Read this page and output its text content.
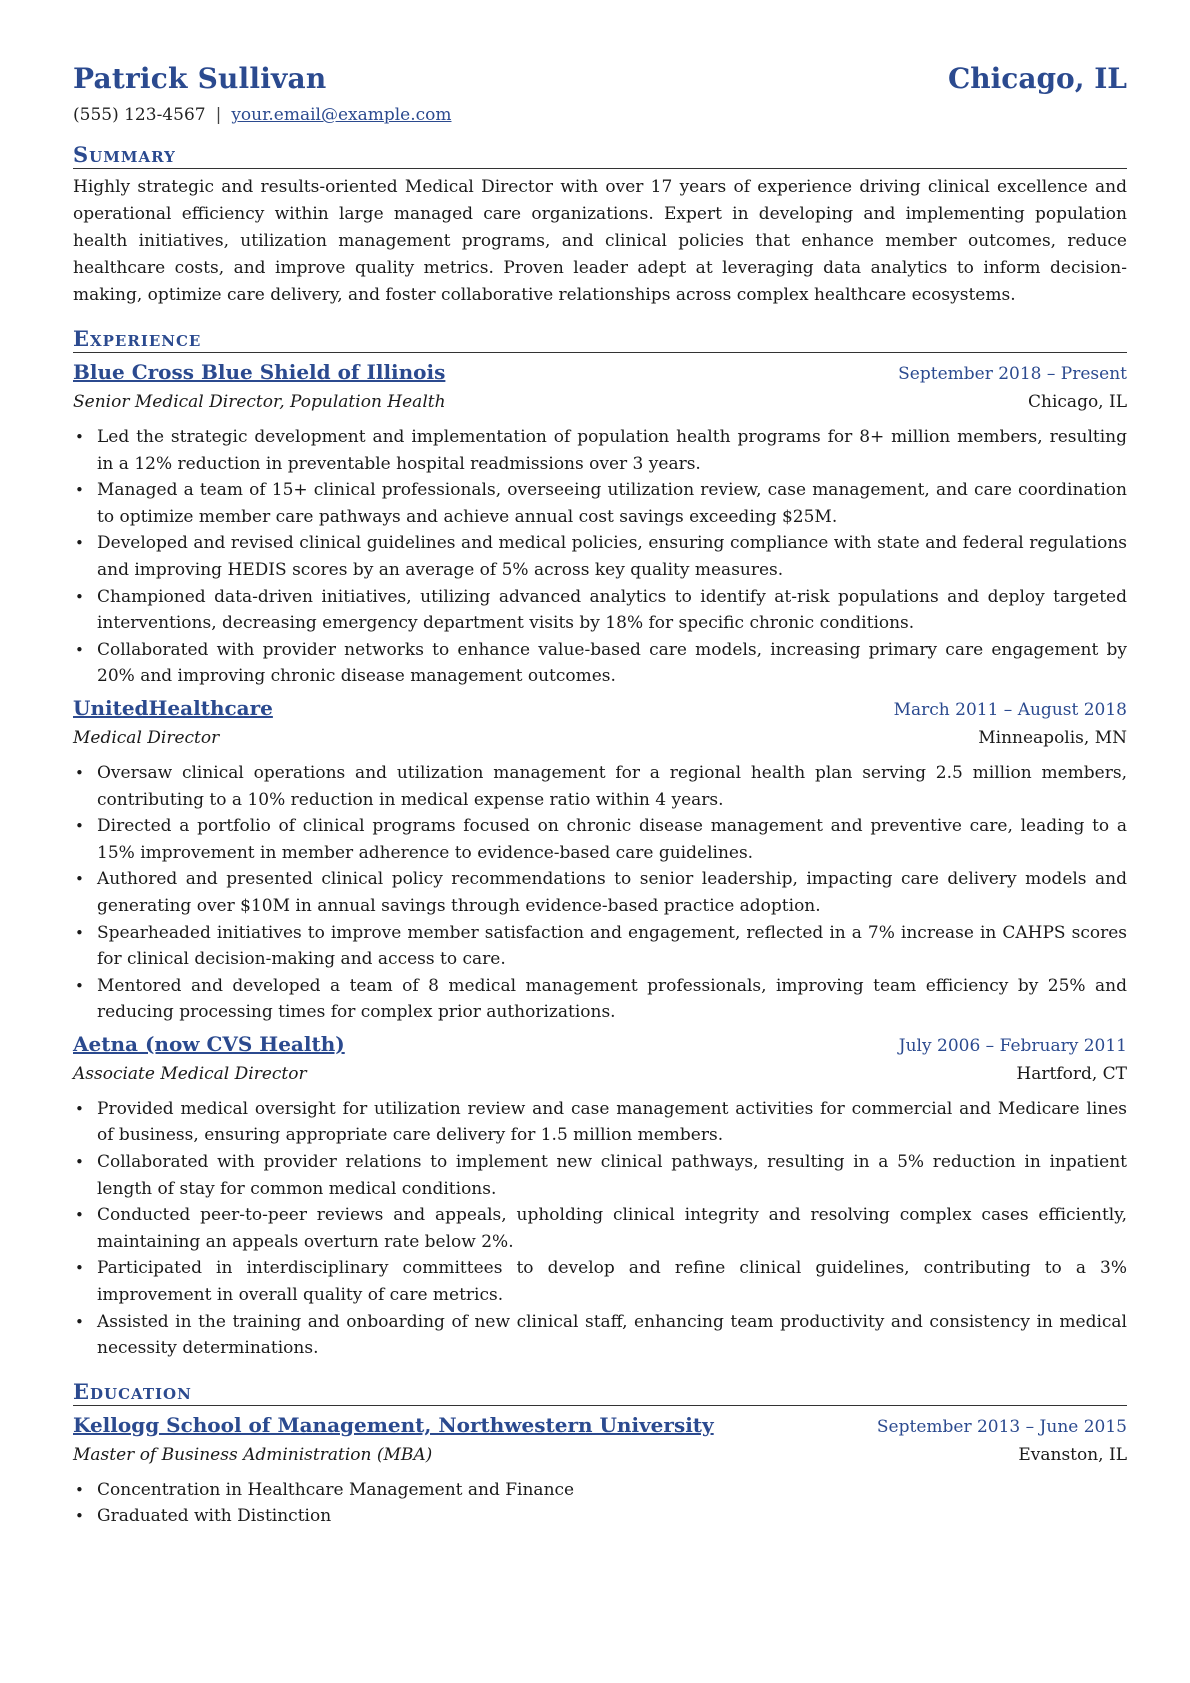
Patrick Sullivan	Chicago, IL
(555) 123-4567 | your.email@example.com
Summary

Highly strategic and results-oriented Medical Director with over 17 years of experience driving clinical excellence and operational efficiency within large managed care organizations. Expert in developing and implementing population health initiatives, utilization management programs, and clinical policies that enhance member outcomes, reduce healthcare costs, and improve quality metrics. Proven leader adept at leveraging data analytics to inform decision-making, optimize care delivery, and foster collaborative relationships across complex healthcare ecosystems.

Experience
Blue Cross Blue Shield of Illinois	September 2018 – Present
Senior Medical Director, Population Health	Chicago, IL
• Led the strategic development and implementation of population health programs for 8+ million members, resulting in a 12% reduction in preventable hospital readmissions over 3 years.
• Managed a team of 15+ clinical professionals, overseeing utilization review, case management, and care coordination to optimize member care pathways and achieve annual cost savings exceeding $25M.
• Developed and revised clinical guidelines and medical policies, ensuring compliance with state and federal regulations and improving HEDIS scores by an average of 5% across key quality measures.
• Championed data-driven initiatives, utilizing advanced analytics to identify at-risk populations and deploy targeted interventions, decreasing emergency department visits by 18% for specific chronic conditions.
• Collaborated with provider networks to enhance value-based care models, increasing primary care engagement by 20% and improving chronic disease management outcomes.
UnitedHealthcare	March 2011 – August 2018
Medical Director	Minneapolis, MN
• Oversaw clinical operations and utilization management for a regional health plan serving 2.5 million members, contributing to a 10% reduction in medical expense ratio within 4 years.
• Directed a portfolio of clinical programs focused on chronic disease management and preventive care, leading to a 15% improvement in member adherence to evidence-based care guidelines.
• Authored and presented clinical policy recommendations to senior leadership, impacting care delivery models and generating over $10M in annual savings through evidence-based practice adoption.
• Spearheaded initiatives to improve member satisfaction and engagement, reflected in a 7% increase in CAHPS scores for clinical decision-making and access to care.
• Mentored and developed a team of 8 medical management professionals, improving team efficiency by 25% and reducing processing times for complex prior authorizations.
Aetna (now CVS Health)	July 2006 – February 2011
Associate Medical Director	Hartford, CT
• Provided medical oversight for utilization review and case management activities for commercial and Medicare lines of business, ensuring appropriate care delivery for 1.5 million members.
• Collaborated with provider relations to implement new clinical pathways, resulting in a 5% reduction in inpatient length of stay for common medical conditions.
• Conducted peer-to-peer reviews and appeals, upholding clinical integrity and resolving complex cases efficiently, maintaining an appeals overturn rate below 2%.
• Participated in interdisciplinary committees to develop and refine clinical guidelines, contributing to a 3% improvement in overall quality of care metrics.
• Assisted in the training and onboarding of new clinical staff, enhancing team productivity and consistency in medical necessity determinations.
Education
Kellogg School of Management, Northwestern University	September 2013 – June 2015
Master of Business Administration (MBA)	Evanston, IL
• Concentration in Healthcare Management and Finance
• Graduated with Distinction
